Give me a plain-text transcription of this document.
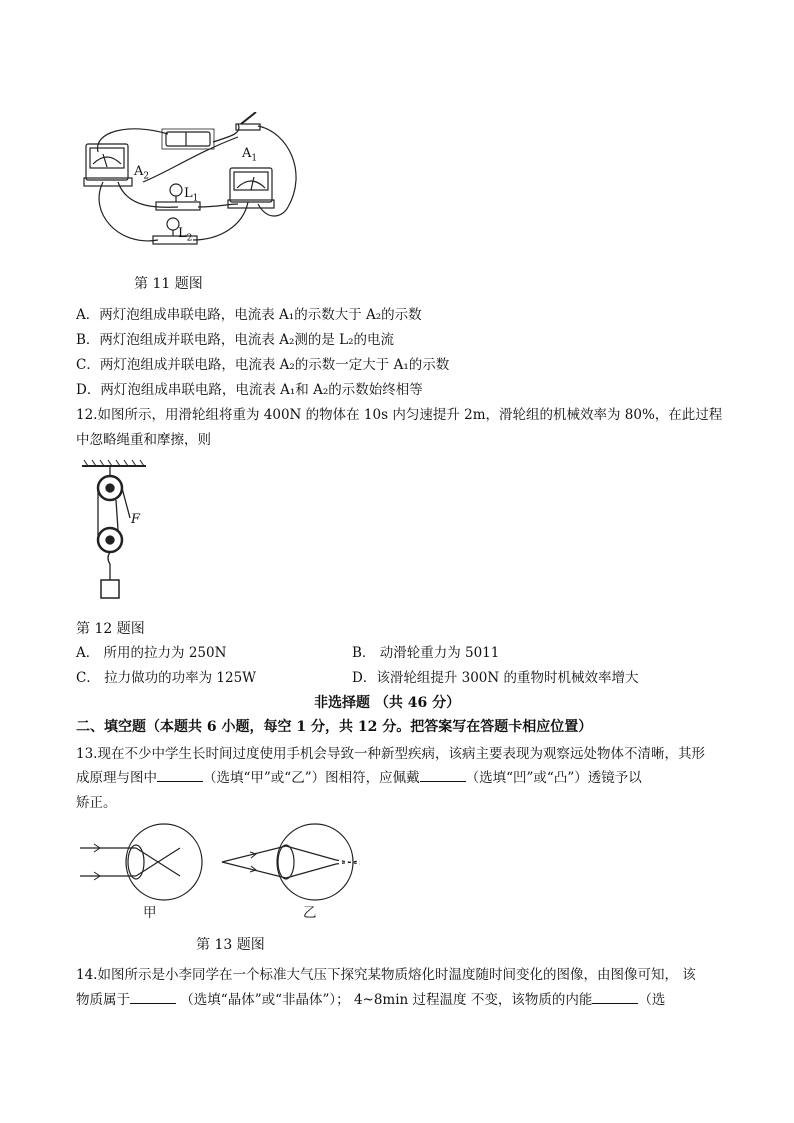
$A_2$
$A_1$
$L_1$
$L_2$
第 11 题图
A．两灯泡组成串联电路，电流表 A₁的示数大于 A₂的示数
B．两灯泡组成并联电路，电流表 A₂测的是 L₂的电流
C．两灯泡组成并联电路，电流表 A₂的示数一定大于 A₁的示数
D．两灯泡组成串联电路，电流表 A₁和 A₂的示数始终相等
12.如图所示，用滑轮组将重为 400N 的物体在 10s 内匀速提升 2m，滑轮组的机械效率为 80%，在此过程
中忽略绳重和摩擦，则
F
第 12 题图
A． 所用的拉力为 250N	B． 动滑轮重力为 5011
C． 拉力做功的功率为 125W	D．该滑轮组提升 300N 的重物时机械效率增大
非选择题 （共 46 分）
二、填空题（本题共 6 小题，每空 1 分，共 12 分。把答案写在答题卡相应位置）
13.现在不少中学生长时间过度使用手机会导致一种新型疾病，该病主要表现为观察远处物体不清晰，其形
成原理与图中	（选填“甲”或“乙”）图相符，应佩戴	（选填“凹”或“凸”）透镜予以
矫正。
甲	乙
第 13 题图
14.如图所示是小李同学在一个标准大气压下探究某物质熔化时温度随时间变化的图像，由图像可知， 该
物质属于	（选填“晶体”或“非晶体”）； 4~8min 过程温度 不变，该物质的内能	（选
